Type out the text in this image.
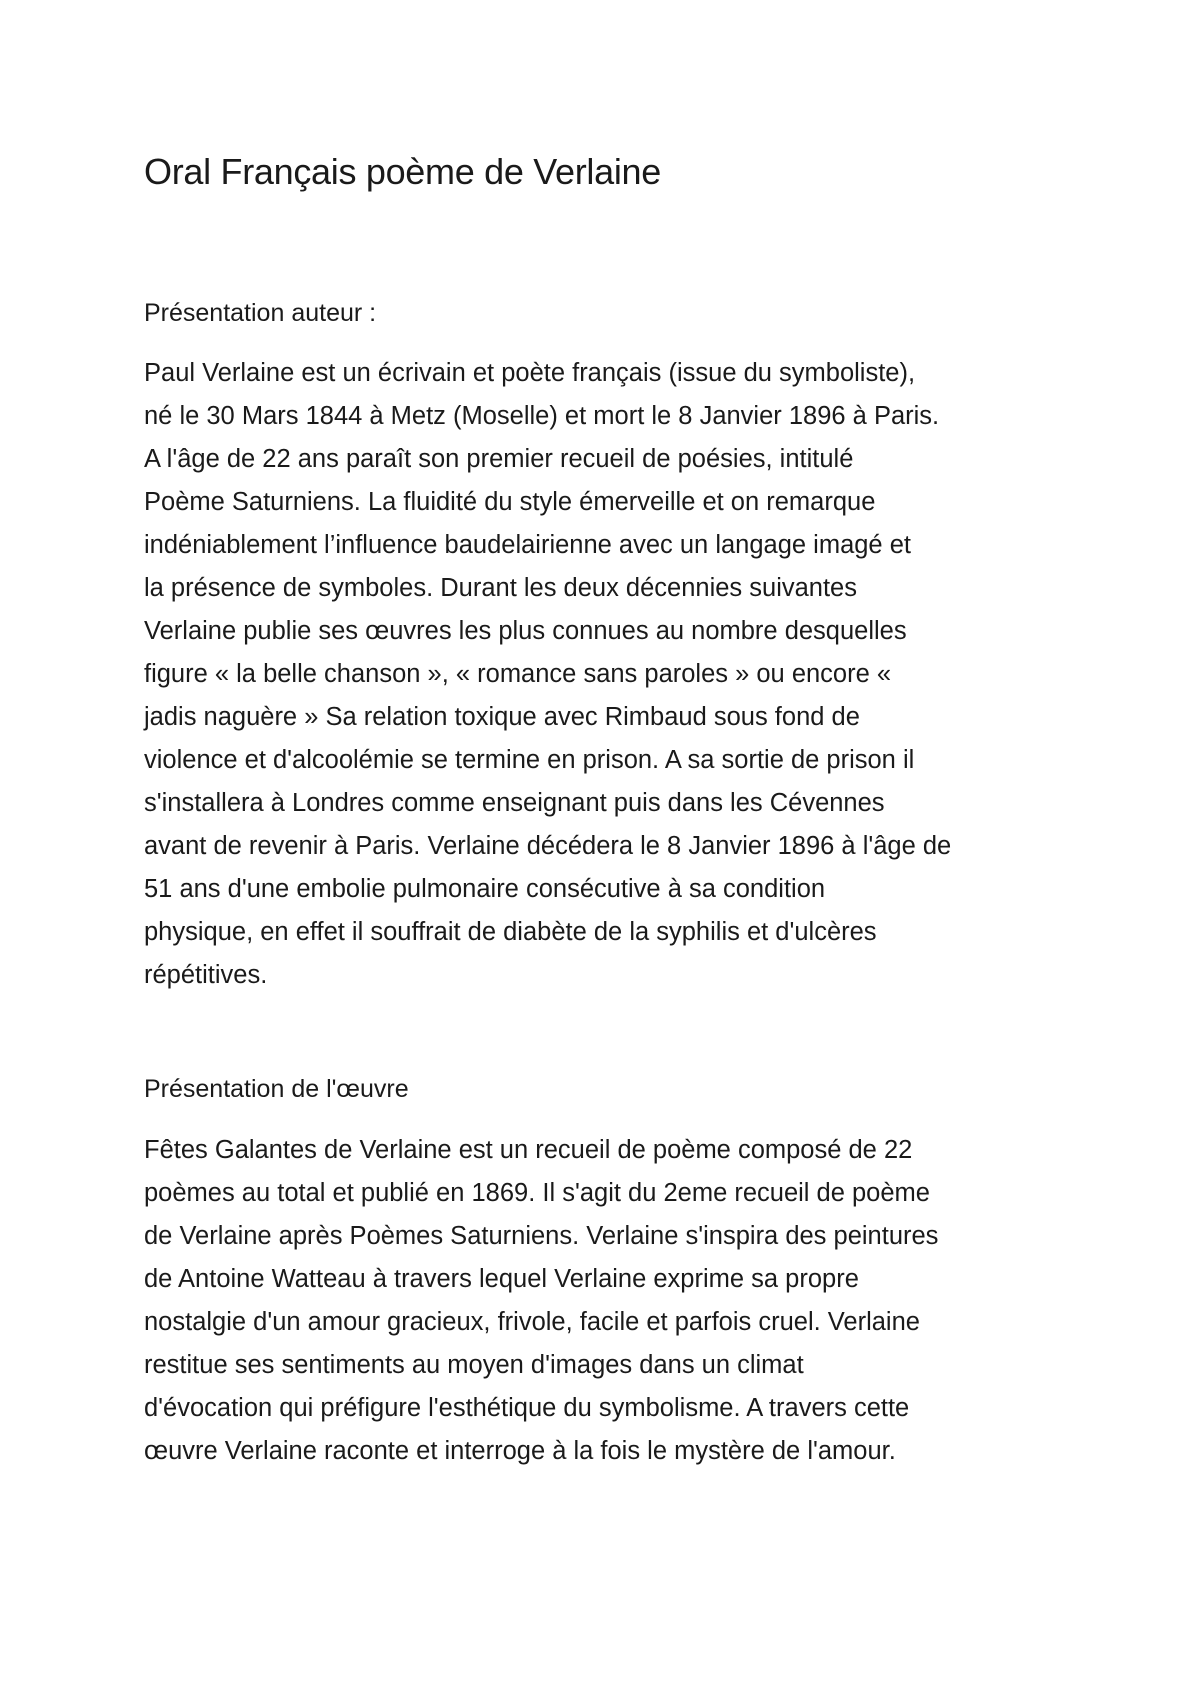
Oral Français poème de Verlaine
Présentation auteur :

Paul Verlaine est un écrivain et poète français (issue du symboliste),
né le 30 Mars 1844 à Metz (Moselle) et mort le 8 Janvier 1896 à Paris.
A l'âge de 22 ans paraît son premier recueil de poésies, intitulé
Poème Saturniens. La fluidité du style émerveille et on remarque
indéniablement l’influence baudelairienne avec un langage imagé et
la présence de symboles. Durant les deux décennies suivantes
Verlaine publie ses œuvres les plus connues au nombre desquelles
figure « la belle chanson », « romance sans paroles » ou encore «
jadis naguère » Sa relation toxique avec Rimbaud sous fond de
violence et d'alcoolémie se termine en prison. A sa sortie de prison il
s'installera à Londres comme enseignant puis dans les Cévennes
avant de revenir à Paris. Verlaine décédera le 8 Janvier 1896 à l'âge de
51 ans d'une embolie pulmonaire consécutive à sa condition
physique, en effet il souffrait de diabète de la syphilis et d'ulcères
répétitives.

Présentation de l'œuvre

Fêtes Galantes de Verlaine est un recueil de poème composé de 22
poèmes au total et publié en 1869. Il s'agit du 2eme recueil de poème
de Verlaine après Poèmes Saturniens. Verlaine s'inspira des peintures
de Antoine Watteau à travers lequel Verlaine exprime sa propre
nostalgie d'un amour gracieux, frivole, facile et parfois cruel. Verlaine
restitue ses sentiments au moyen d'images dans un climat
d'évocation qui préfigure l'esthétique du symbolisme. A travers cette
œuvre Verlaine raconte et interroge à la fois le mystère de l'amour.
